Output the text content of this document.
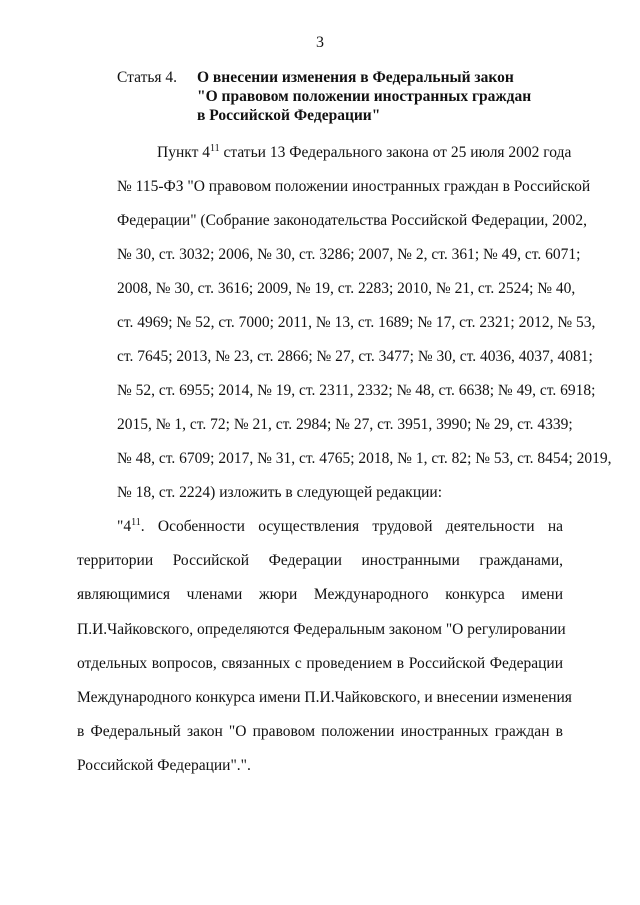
3
Статья 4.	О внесении изменения в Федеральный закон
"О правовом положении иностранных граждан
в Российской Федерации"
Пункт $4^{11}$ статьи 13 Федерального закона от 25 июля 2002 года
№ 115-ФЗ "О правовом положении иностранных граждан в Российской
Федерации" (Собрание законодательства Российской Федерации, 2002,
№ 30, ст. 3032; 2006, № 30, ст. 3286; 2007, № 2, ст. 361; № 49, ст. 6071;
2008, № 30, ст. 3616; 2009, № 19, ст. 2283; 2010, № 21, ст. 2524; № 40,
ст. 4969; № 52, ст. 7000; 2011, № 13, ст. 1689; № 17, ст. 2321; 2012, № 53,
ст. 7645; 2013, № 23, ст. 2866; № 27, ст. 3477; № 30, ст. 4036, 4037, 4081;
№ 52, ст. 6955; 2014, № 19, ст. 2311, 2332; № 48, ст. 6638; № 49, ст. 6918;
2015, № 1, ст. 72; № 21, ст. 2984; № 27, ст. 3951, 3990; № 29, ст. 4339;
№ 48, ст. 6709; 2017, № 31, ст. 4765; 2018, № 1, ст. 82; № 53, ст. 8454; 2019,
№ 18, ст. 2224) изложить в следующей редакции:
"$4^{11}$. Особенности осуществления трудовой деятельности на
территории Российской Федерации иностранными гражданами,
являющимися членами жюри Международного конкурса имени
П.И.Чайковского, определяются Федеральным законом "О регулировании
отдельных вопросов, связанных с проведением в Российской Федерации
Международного конкурса имени П.И.Чайковского, и внесении изменения
в Федеральный закон "О правовом положении иностранных граждан в
Российской Федерации".".
